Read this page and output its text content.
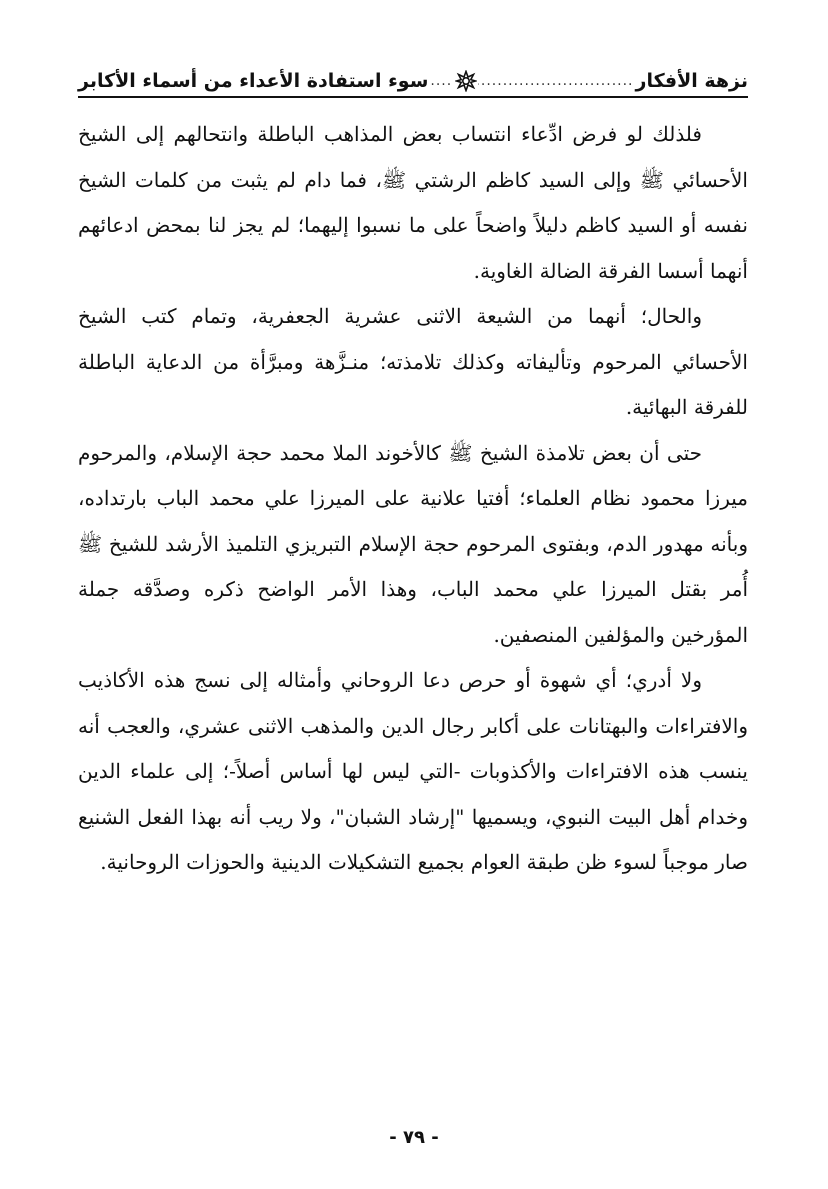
نزهة الأفكار
.....
....
سوء استفادة الأعداء من أسماء الأكابر

فلذلك لو فرض ادِّعاء انتساب بعض المذاهب الباطلة وانتحالهم إلى الشيخ الأحسائي ﷺ وإلى السيد كاظم الرشتي ﷺ، فما دام لم يثبت من كلمات الشيخ نفسه أو السيد كاظم دليلاً واضحاً على ما نسبوا إليهما؛ لم يجز لنا بمحض ادعائهم أنهما أسسا الفرقة الضالة الغاوية.

والحال؛ أنهما من الشيعة الاثنى عشرية الجعفرية، وتمام كتب الشيخ الأحسائي المرحوم وتأليفاته وكذلك تلامذته؛ منـزَّهة ومبرَّأة من الدعاية الباطلة للفرقة البهائية.

حتى أن بعض تلامذة الشيخ ﷺ كالأخوند الملا محمد حجة الإسلام، والمرحوم ميرزا محمود نظام العلماء؛ أفتيا علانية على الميرزا علي محمد الباب بارتداده، وبأنه مهدور الدم، وبفتوى المرحوم حجة الإسلام التبريزي التلميذ الأرشد للشيخ ﷺ أُمر بقتل الميرزا علي محمد الباب، وهذا الأمر الواضح ذكره وصدَّقه جملة المؤرخين والمؤلفين المنصفين.

ولا أدري؛ أي شهوة أو حرص دعا الروحاني وأمثاله إلى نسج هذه الأكاذيب والافتراءات والبهتانات على أكابر رجال الدين والمذهب الاثنى عشري، والعجب أنه ينسب هذه الافتراءات والأكذوبات -التي ليس لها أساس أصلاً-؛ إلى علماء الدين وخدام أهل البيت النبوي، ويسميها "إرشاد الشبان"، ولا ريب أنه بهذا الفعل الشنيع صار موجباً لسوء ظن طبقة العوام بجميع التشكيلات الدينية والحوزات الروحانية.

- ٧٩ -
